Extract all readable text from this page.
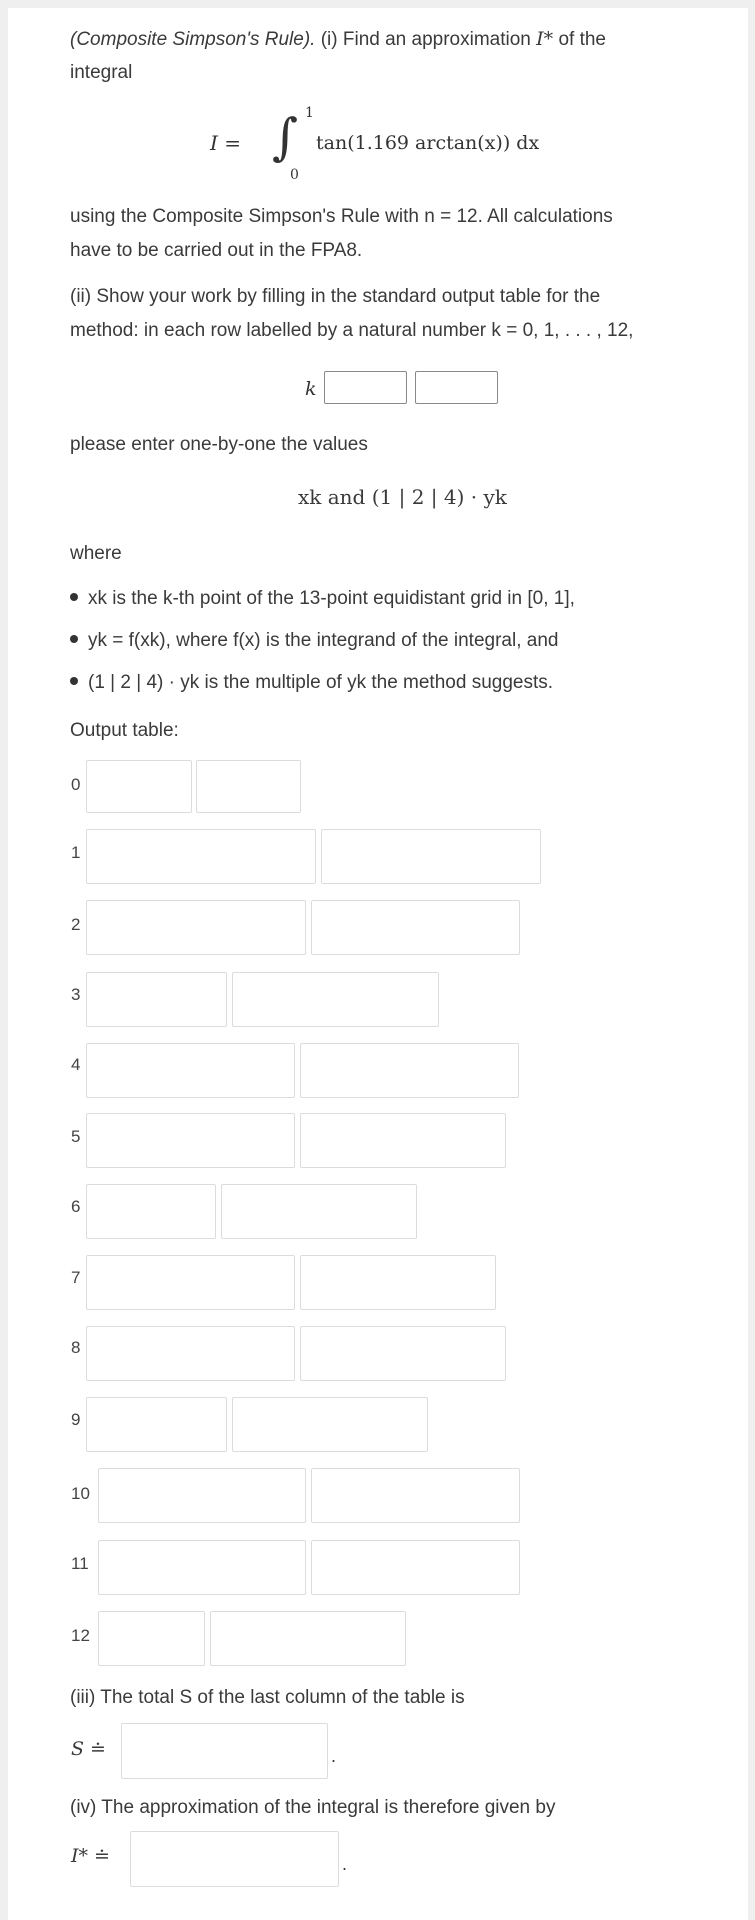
(Composite Simpson's Rule). (i) Find an approximation I* of the
integral
I = ∫ 1
0
tan(1.169 arctan(x)) dx
using the Composite Simpson's Rule with n = 12. All calculations
have to be carried out in the FPA8.
(ii) Show your work by filling in the standard output table for the
method: in each row labelled by a natural number k = 0, 1, . . . , 12,
k
please enter one-by-one the values
xk and (1 | 2 | 4) · yk
where
xk is the k-th point of the 13-point equidistant grid in [0, 1],
yk = f(xk), where f(x) is the integrand of the integral, and
(1 | 2 | 4) · yk is the multiple of yk the method suggests.
Output table:
0
1
2
3
4
5
6
7
8
9
10
11
12
(iii) The total S of the last column of the table is
S ≐	.
(iv) The approximation of the integral is therefore given by
I* ≐	.
